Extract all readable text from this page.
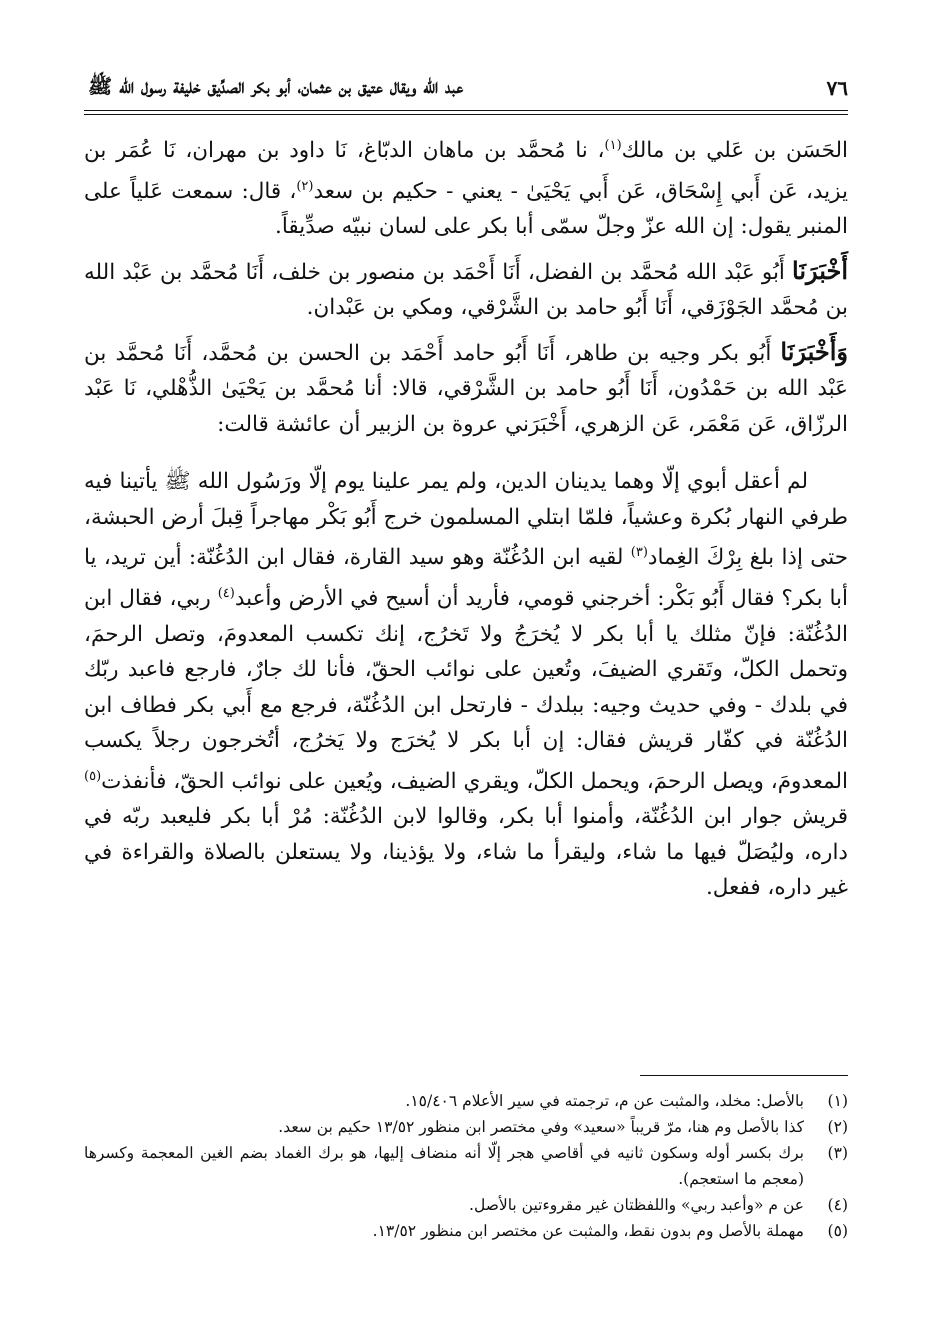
٧٦
عبد الله ويقال عتيق بن عثمان، أبو بكر الصدِّيق خليفة رسول الله ﷺ

الحَسَن بن عَلي بن مالك$^{(١)}$، نا مُحمَّد بن ماهان الدبّاغ، نَا داود بن مهران، نَا عُمَر بن يزيد، عَن أَبي إِسْحَاق، عَن أَبي يَحْيَىٰ - يعني - حكيم بن سعد$^{(٢)}$، قال: سمعت عَلياً على المنبر يقول: إن الله عزّ وجلّ سمّى أبا بكر على لسان نبيّه صدِّيقاً.

أَخْبَرَنَا أَبُو عَبْد الله مُحمَّد بن الفضل، أَنَا أَحْمَد بن منصور بن خلف، أَنَا مُحمَّد بن عَبْد الله بن مُحمَّد الجَوْزَقي، أَنَا أَبُو حامد بن الشَّرْقي، ومكي بن عَبْدان.

وَأَخْبَرَنَا أَبُو بكر وجيه بن طاهر، أَنَا أَبُو حامد أَحْمَد بن الحسن بن مُحمَّد، أَنَا مُحمَّد بن عَبْد الله بن حَمْدُون، أَنَا أَبُو حامد بن الشَّرْقي، قالا: أنا مُحمَّد بن يَحْيَىٰ الذُّهْلي، نَا عَبْد الرزّاق، عَن مَعْمَر، عَن الزهري، أَخْبَرَني عروة بن الزبير أن عائشة قالت:

لم أعقل أبوي إلّا وهما يدينان الدين، ولم يمر علينا يوم إلّا ورَسُول الله ﷺ يأتينا فيه طرفي النهار بُكرة وعشياً، فلمّا ابتلي المسلمون خرج أَبُو بَكْر مهاجراً قِبلَ أرض الحبشة، حتى إذا بلغ بِرْكَ الغِماد$^{(٣)}$ لقيه ابن الدُغُنّة وهو سيد القارة، فقال ابن الدُغُنّة: أين تريد، يا أبا بكر؟ فقال أَبُو بَكْر: أخرجني قومي، فأريد أن أسيح في الأرض وأعبد$^{(٤)}$ ربي، فقال ابن الدُغُنّة: فإنّ مثلك يا أبا بكر لا يُخرَجُ ولا تَخرُج، إنك تكسب المعدومَ، وتصل الرحمَ، وتحمل الكلّ، وتَقري الضيفَ، وتُعين على نوائب الحقّ، فأنا لك جارٌ، فارجع فاعبد ربّك في بلدك - وفي حديث وجيه: ببلدك - فارتحل ابن الدُغُنّة، فرجع مع أَبي بكر فطاف ابن الدُغُنّة في كفّار قريش فقال: إن أبا بكر لا يُخرَج ولا يَخرُج، أتُخرجون رجلاً يكسب المعدومَ، ويصل الرحمَ، ويحمل الكلّ، ويقري الضيف، ويُعين على نوائب الحقّ، فأنفذت$^{(٥)}$ قريش جوار ابن الدُغُنّة، وأمنوا أبا بكر، وقالوا لابن الدُغُنّة: مُرْ أبا بكر فليعبد ربّه في داره، وليُصَلّ فيها ما شاء، وليقرأ ما شاء، ولا يؤذينا، ولا يستعلن بالصلاة والقراءة في غير داره، ففعل.

(١)
بالأصل: مخلد، والمثبت عن م، ترجمته في سير الأعلام ١٥/٤٠٦.

(٢)
كذا بالأصل وم هنا، مرّ قريباً «سعيد» وفي مختصر ابن منظور ١٣/٥٢ حكيم بن سعد.

(٣)
برك بكسر أوله وسكون ثانيه في أقاصي هجر إلّا أنه منضاف إليها، هو برك الغماد بضم الغين المعجمة وكسرها (معجم ما استعجم).

(٤)
عن م «وأعبد ربي» واللفظتان غير مقروءتين بالأصل.

(٥)
مهملة بالأصل وم بدون نقط، والمثبت عن مختصر ابن منظور ١٣/٥٢.
